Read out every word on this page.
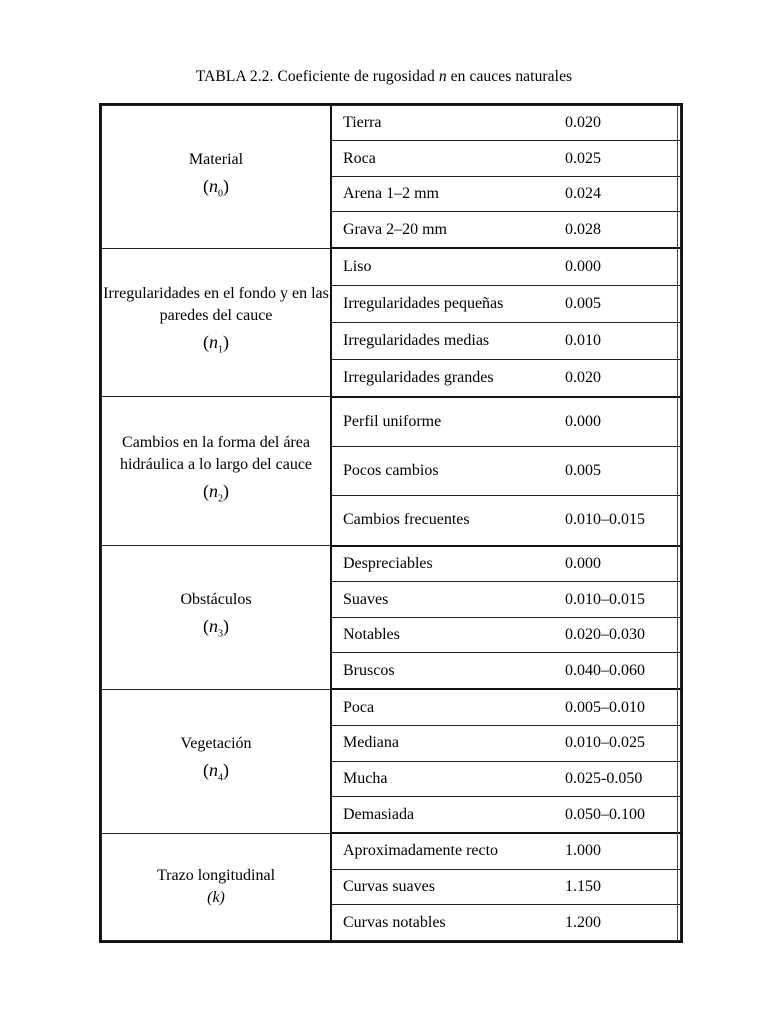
TABLA 2.2. Coeficiente de rugosidad n en cauces naturales
Material
$(n_0)$	Tierra	0.020
	Roca	0.025
	Arena 1–2 mm	0.024
	Grava 2–20 mm	0.028

Irregularidades en el fondo y en las paredes del cauce
$(n_1)$	Liso	0.000
	Irregularidades pequeñas	0.005
	Irregularidades medias	0.010
	Irregularidades grandes	0.020

Cambios en la forma del área hidráulica a lo largo del cauce
$(n_2)$	Perfil uniforme	0.000
	Pocos cambios	0.005
	Cambios frecuentes	0.010–0.015

Obstáculos
$(n_3)$	Despreciables	0.000
	Suaves	0.010–0.015
	Notables	0.020–0.030
	Bruscos	0.040–0.060

Vegetación
$(n_4)$	Poca	0.005–0.010
	Mediana	0.010–0.025
	Mucha	0.025-0.050
	Demasiada	0.050–0.100

Trazo longitudinal
(k)	Aproximadamente recto	1.000
	Curvas suaves	1.150
	Curvas notables	1.200
